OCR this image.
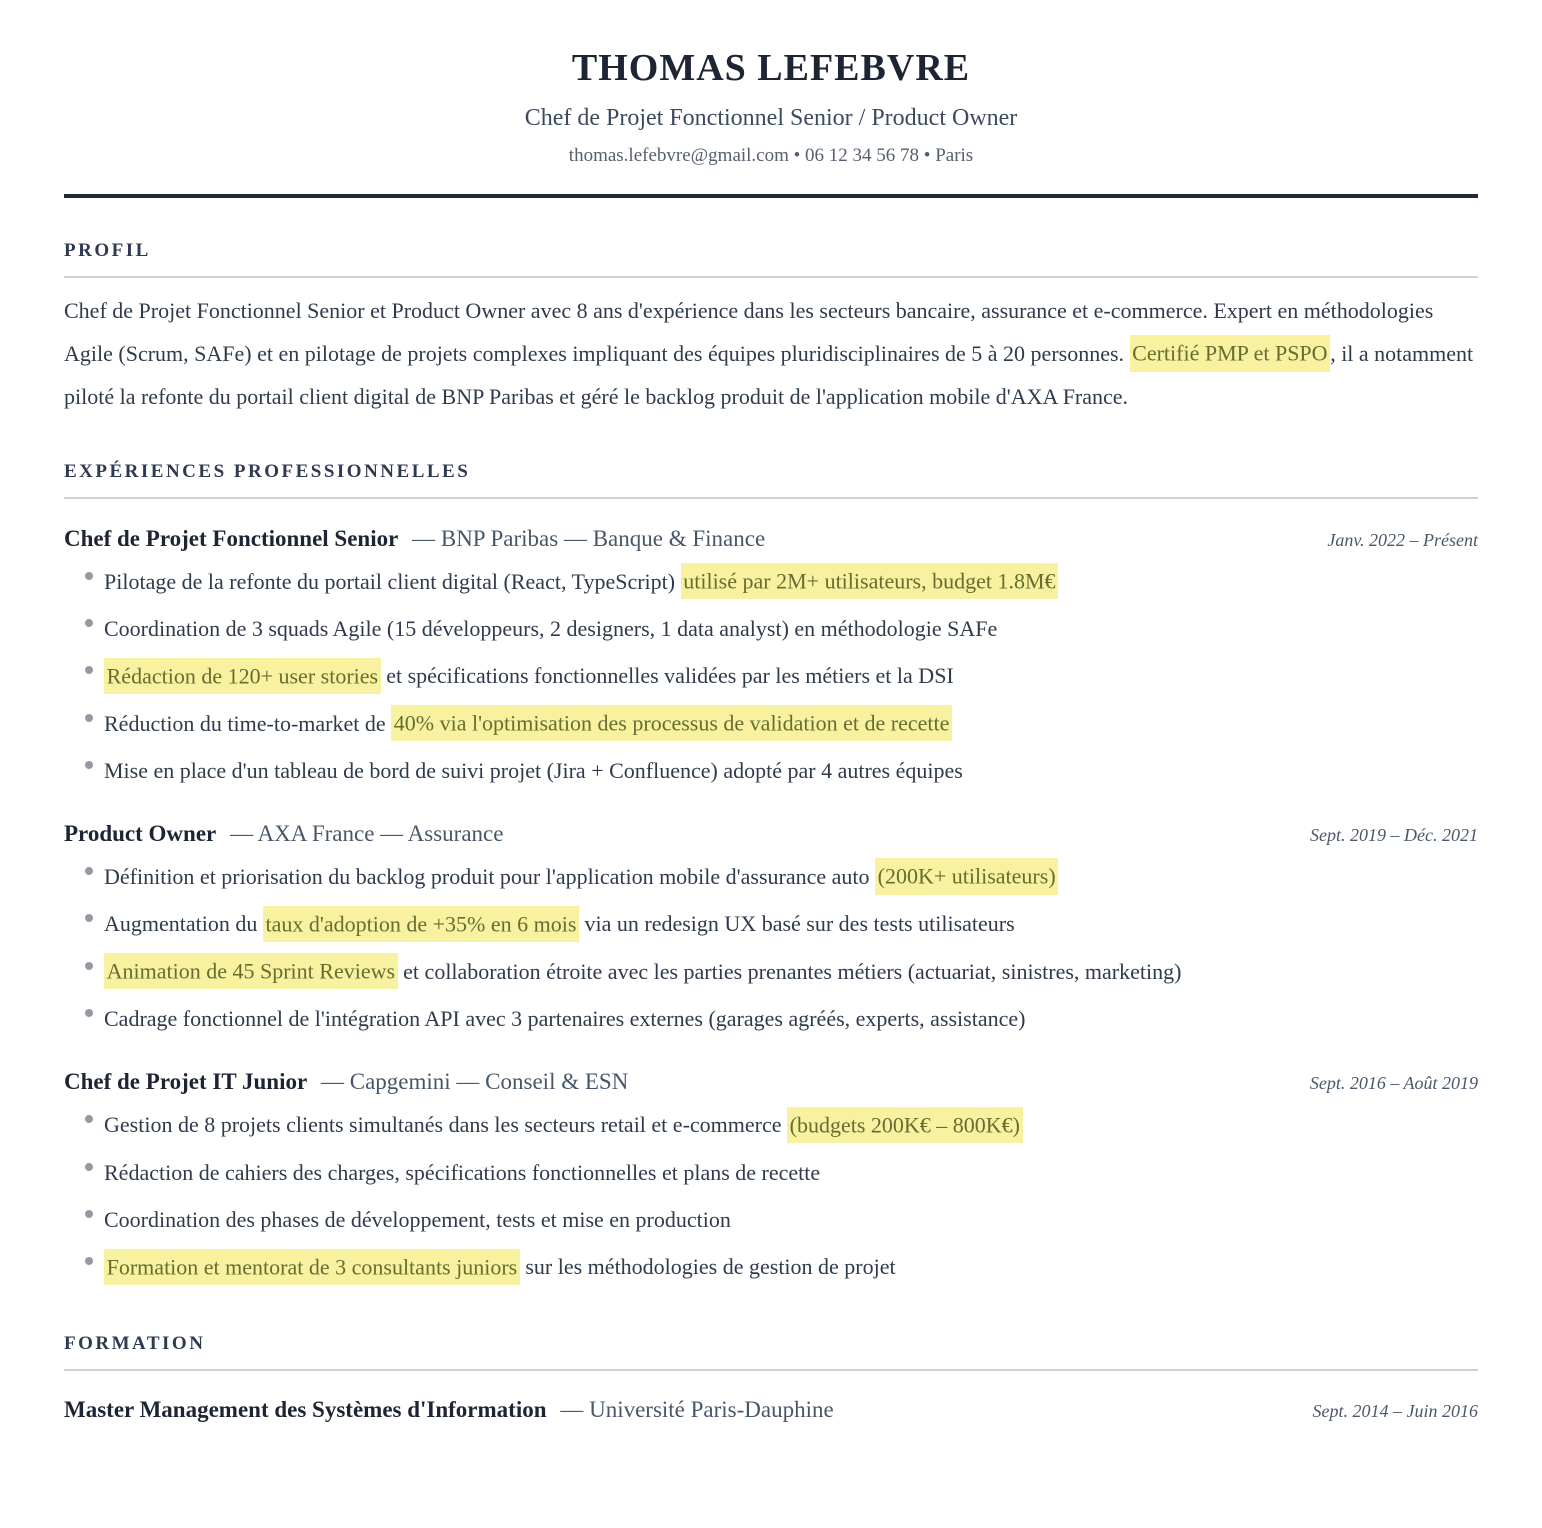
THOMAS LEFEBVRE
Chef de Projet Fonctionnel Senior / Product Owner
thomas.lefebvre@gmail.com • 06 12 34 56 78 • Paris
PROFIL

Chef de Projet Fonctionnel Senior et Product Owner avec 8 ans d'expérience dans les secteurs bancaire, assurance et e-commerce. Expert en méthodologies Agile (Scrum, SAFe) et en pilotage de projets complexes impliquant des équipes pluridisciplinaires de 5 à 20 personnes. Certifié PMP et PSPO , il a notamment piloté la refonte du portail client digital de BNP Paribas et géré le backlog produit de l'application mobile d'AXA France.

EXPÉRIENCES PROFESSIONNELLES
Chef de Projet Fonctionnel Senior — BNP Paribas — Banque & Finance	Janv. 2022 – Présent
Pilotage de la refonte du portail client digital (React, TypeScript) utilisé par 2M+ utilisateurs, budget 1.8M€
Coordination de 3 squads Agile (15 développeurs, 2 designers, 1 data analyst) en méthodologie SAFe
Rédaction de 120+ user stories et spécifications fonctionnelles validées par les métiers et la DSI
Réduction du time-to-market de 40% via l'optimisation des processus de validation et de recette
Mise en place d'un tableau de bord de suivi projet (Jira + Confluence) adopté par 4 autres équipes
Product Owner — AXA France — Assurance	Sept. 2019 – Déc. 2021
Définition et priorisation du backlog produit pour l'application mobile d'assurance auto (200K+ utilisateurs)
Augmentation du taux d'adoption de +35% en 6 mois via un redesign UX basé sur des tests utilisateurs
Animation de 45 Sprint Reviews et collaboration étroite avec les parties prenantes métiers (actuariat, sinistres, marketing)
Cadrage fonctionnel de l'intégration API avec 3 partenaires externes (garages agréés, experts, assistance)
Chef de Projet IT Junior — Capgemini — Conseil & ESN	Sept. 2016 – Août 2019
Gestion de 8 projets clients simultanés dans les secteurs retail et e-commerce (budgets 200K€ – 800K€)
Rédaction de cahiers des charges, spécifications fonctionnelles et plans de recette
Coordination des phases de développement, tests et mise en production
Formation et mentorat de 3 consultants juniors sur les méthodologies de gestion de projet
FORMATION
Master Management des Systèmes d'Information — Université Paris-Dauphine	Sept. 2014 – Juin 2016
